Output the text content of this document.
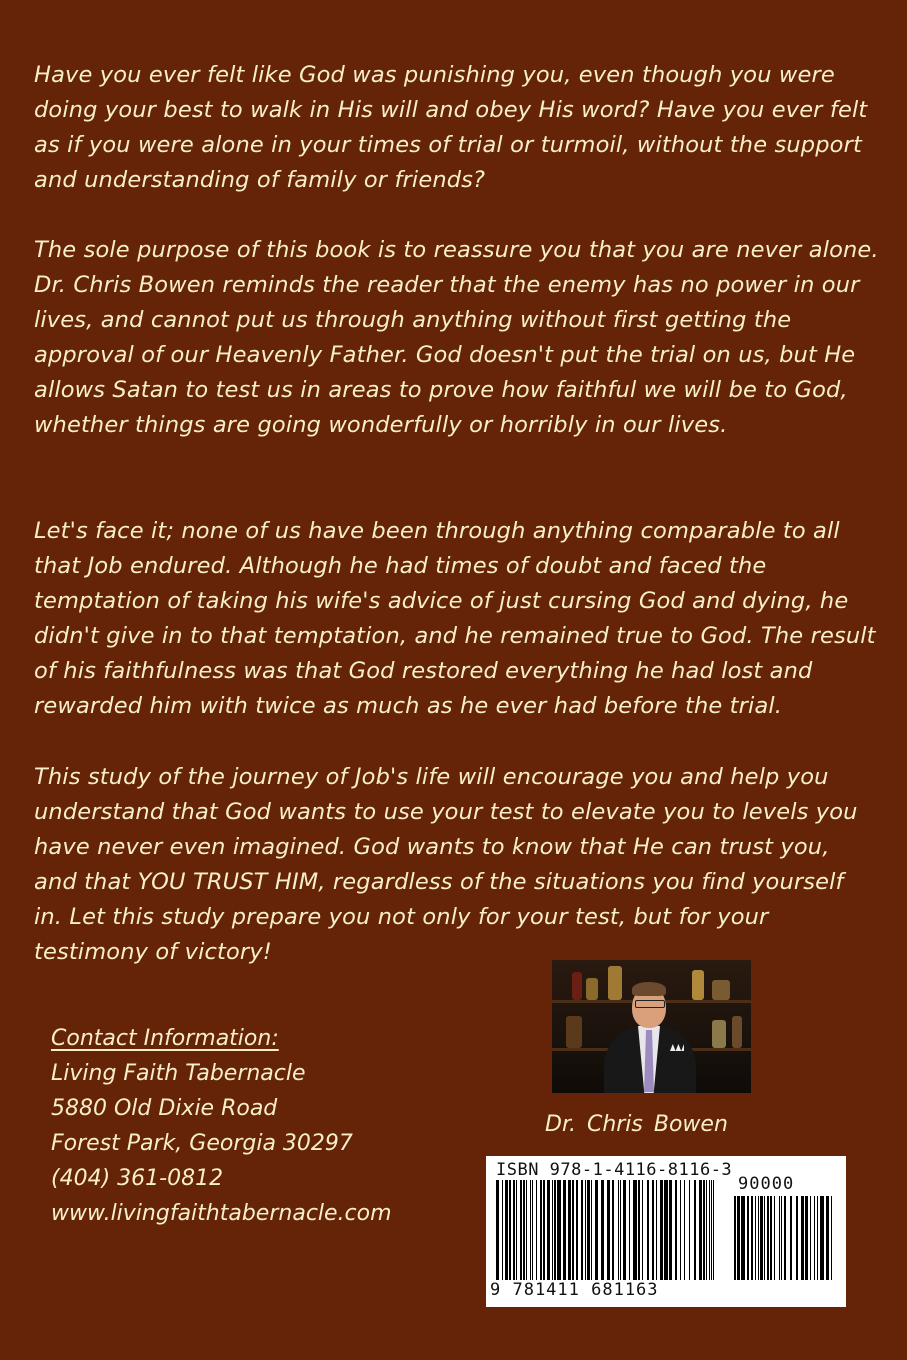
Have you ever felt like God was punishing you, even though you were doing your best to walk in His will and obey His word? Have you ever felt as if you were alone in your times of trial or turmoil, without the support and understanding of family or friends?

The sole purpose of this book is to reassure you that you are never alone. Dr. Chris Bowen reminds the reader that the enemy has no power in our lives, and cannot put us through anything without first getting the approval of our Heavenly Father. God doesn't put the trial on us, but He allows Satan to test us in areas to prove how faithful we will be to God, whether things are going wonderfully or horribly in our lives.

Let's face it; none of us have been through anything comparable to all that Job endured. Although he had times of doubt and faced the temptation of taking his wife's advice of just cursing God and dying, he didn't give in to that temptation, and he remained true to God. The result of his faithfulness was that God restored everything he had lost and rewarded him with twice as much as he ever had before the trial.

This study of the journey of Job's life will encourage you and help you understand that God wants to use your test to elevate you to levels you have never even imagined. God wants to know that He can trust you, and that YOU TRUST HIM, regardless of the situations you find yourself in. Let this study prepare you not only for your test, but for your testimony of victory!

Contact Information:
Living Faith Tabernacle
5880 Old Dixie Road
Forest Park, Georgia 30297
(404) 361-0812
www.livingfaithtabernacle.com
Dr. Chris Bowen
ISBN 978-1-4116-8116-3
9 781411 681163
90000
